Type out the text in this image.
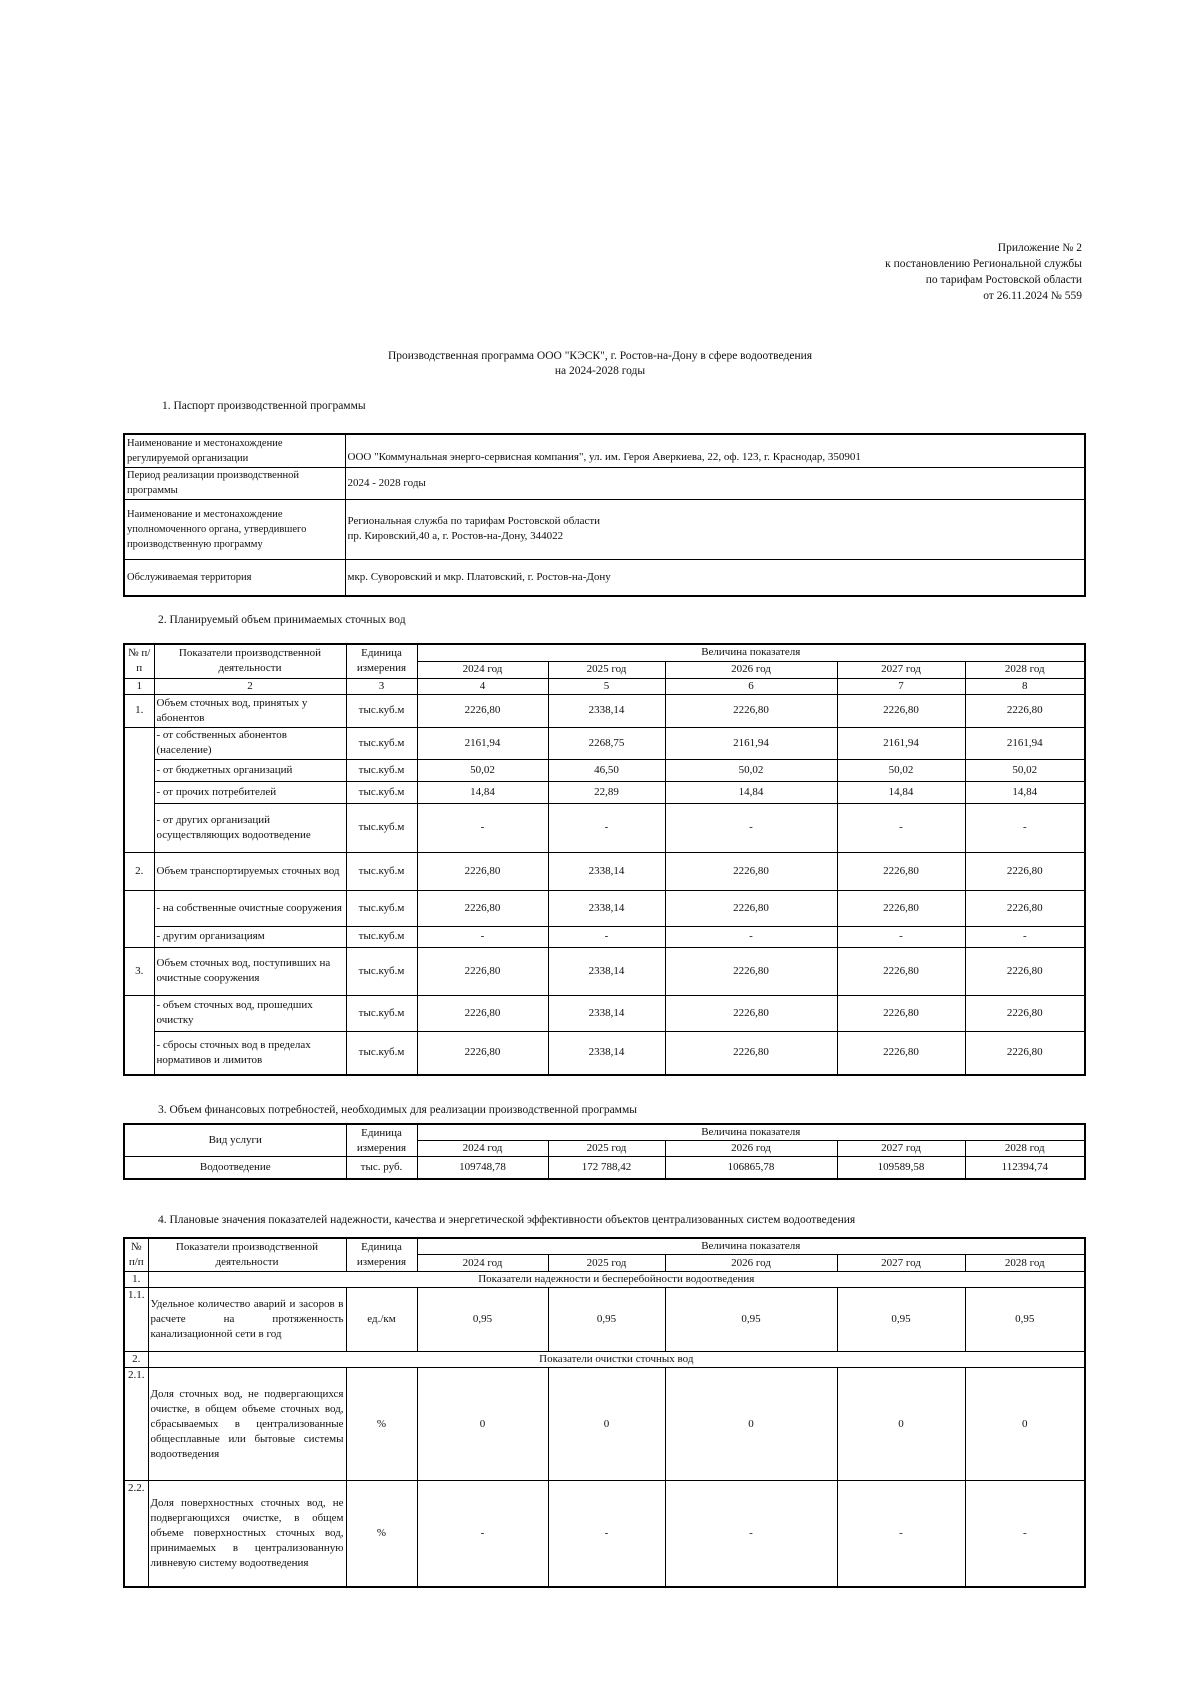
Приложение № 2
к постановлению Региональной службы
по тарифам Ростовской области
от 26.11.2024 № 559
Производственная программа ООО "КЭСК", г. Ростов-на-Дону в сфере водоотведения
на 2024-2028 годы
1. Паспорт производственной программы
Наименование и местонахождение регулируемой организации	ООО "Коммунальная энерго-сервисная компания", ул. им. Героя Аверкиева, 22, оф. 123, г. Краснодар, 350901
Период реализации производственной программы	2024 - 2028 годы
Наименование и местонахождение уполномоченного органа, утвердившего производственную программу	Региональная служба по тарифам Ростовской области
пр. Кировский,40 а, г. Ростов-на-Дону, 344022

Обслуживаемая территория	мкр. Суворовский и мкр. Платовский, г. Ростов-на-Дону
2. Планируемый объем принимаемых сточных вод
№ п/п	Показатели производственной деятельности	Единица измерения	Величина показателя				
			2024 год	2025 год	2026 год	2027 год	2028 год
1	2	3	4	5	6	7	8
1.	Объем сточных вод, принятых у абонентов	тыс.куб.м	2226,80	2338,14	2226,80	2226,80	2226,80
	- от собственных абонентов (население)	тыс.куб.м	2161,94	2268,75	2161,94	2161,94	2161,94
	- от бюджетных организаций	тыс.куб.м	50,02	46,50	50,02	50,02	50,02
	- от прочих потребителей	тыс.куб.м	14,84	22,89	14,84	14,84	14,84
	- от других организаций осуществляющих водоотведение	тыс.куб.м	-	-	-	-	-
2.	Объем транспортируемых сточных вод	тыс.куб.м	2226,80	2338,14	2226,80	2226,80	2226,80
	- на собственные очистные сооружения	тыс.куб.м	2226,80	2338,14	2226,80	2226,80	2226,80
	- другим организациям	тыс.куб.м	-	-	-	-	-
3.	Объем сточных вод, поступивших на очистные сооружения	тыс.куб.м	2226,80	2338,14	2226,80	2226,80	2226,80
	- объем сточных вод, прошедших очистку	тыс.куб.м	2226,80	2338,14	2226,80	2226,80	2226,80
	- сбросы сточных вод в пределах нормативов и лимитов	тыс.куб.м	2226,80	2338,14	2226,80	2226,80	2226,80
3. Объем финансовых потребностей, необходимых для реализации производственной программы
Вид услуги	Единица измерения	Величина показателя				
		2024 год	2025 год	2026 год	2027 год	2028 год
Водоотведение	тыс. руб.	109748,78	172 788,42	106865,78	109589,58	112394,74
4. Плановые значения показателей надежности, качества и энергетической эффективности объектов централизованных систем водоотведения
№ п/п	Показатели производственной деятельности	Единица измерения	Величина показателя				
			2024 год	2025 год	2026 год	2027 год	2028 год
1.	Показатели надежности и бесперебойности водоотведения						
1.1.	Удельное количество аварий и засоров в расчете на протяженность канализационной сети в год	ед./км	0,95	0,95	0,95	0,95	0,95
2.	Показатели очистки сточных вод						
2.1.	Доля сточных вод, не подвергающихся очистке, в общем объеме сточных вод, сбрасываемых в централизованные общесплавные или бытовые системы водоотведения	%	0	0	0	0	0
2.2.	Доля поверхностных сточных вод, не подвергающихся очистке, в общем объеме поверхностных сточных вод, принимаемых в централизованную ливневую систему водоотведения	%	-	-	-	-	-
